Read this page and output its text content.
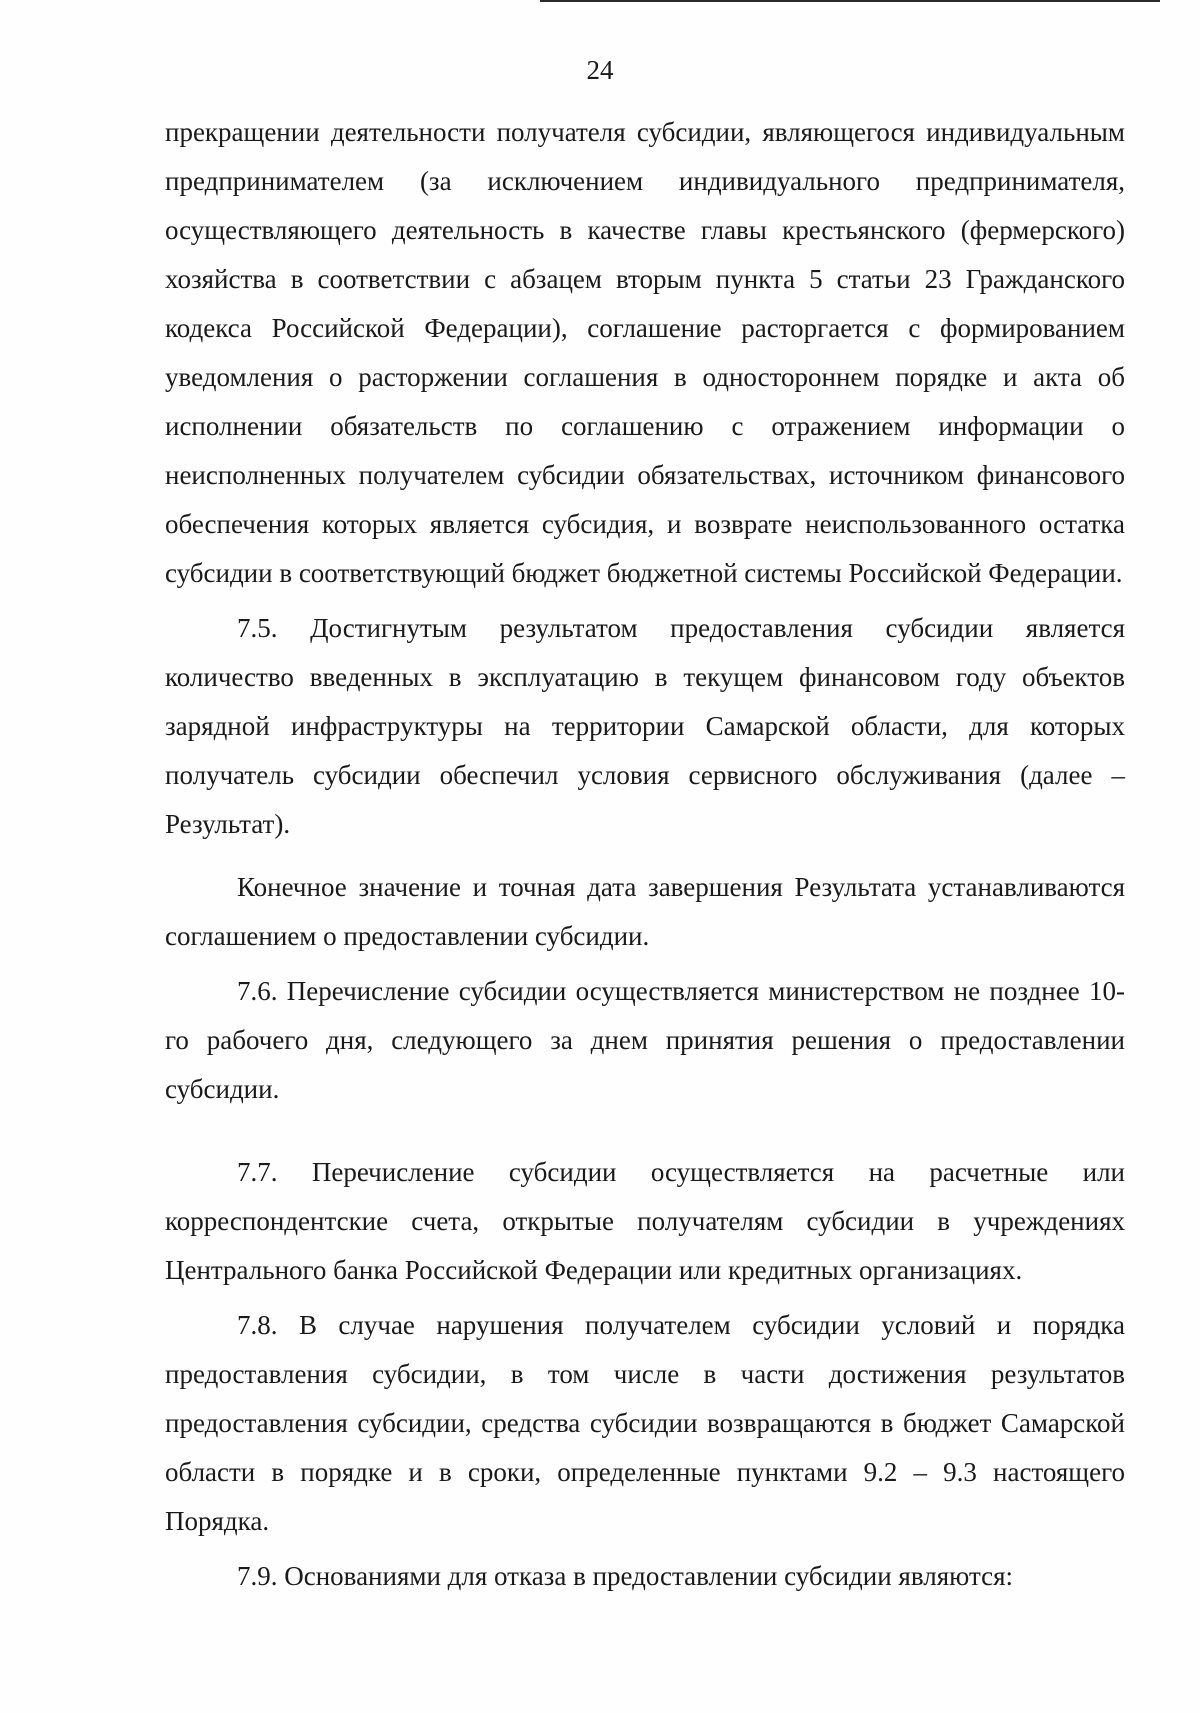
24

прекращении деятельности получателя субсидии, являющегося индивидуальным предпринимателем (за исключением индивидуального предпринимателя, осуществляющего деятельность в качестве главы крестьянского (фермерского) хозяйства в соответствии с абзацем вторым пункта 5 статьи 23 Гражданского кодекса Российской Федерации), соглашение расторгается с формированием уведомления о расторжении соглашения в одностороннем порядке и акта об исполнении обязательств по соглашению с отражением информации о неисполненных получателем субсидии обязательствах, источником финансового обеспечения которых является субсидия, и возврате неиспользованного остатка субсидии в соответствующий бюджет бюджетной системы Российской Федерации.

7.5. Достигнутым результатом предоставления субсидии является количество введенных в эксплуатацию в текущем финансовом году объектов зарядной инфраструктуры на территории Самарской области, для которых получатель субсидии обеспечил условия сервисного обслуживания (далее – Результат).

Конечное значение и точная дата завершения Результата устанавливаются соглашением о предоставлении субсидии.

7.6. Перечисление субсидии осуществляется министерством не позднее 10-го рабочего дня, следующего за днем принятия решения о предоставлении субсидии.

7.7. Перечисление субсидии осуществляется на расчетные или корреспондентские счета, открытые получателям субсидии в учреждениях Центрального банка Российской Федерации или кредитных организациях.

7.8. В случае нарушения получателем субсидии условий и порядка предоставления субсидии, в том числе в части достижения результатов предоставления субсидии, средства субсидии возвращаются в бюджет Самарской области в порядке и в сроки, определенные пунктами 9.2 – 9.3 настоящего Порядка.

7.9. Основаниями для отказа в предоставлении субсидии являются:
